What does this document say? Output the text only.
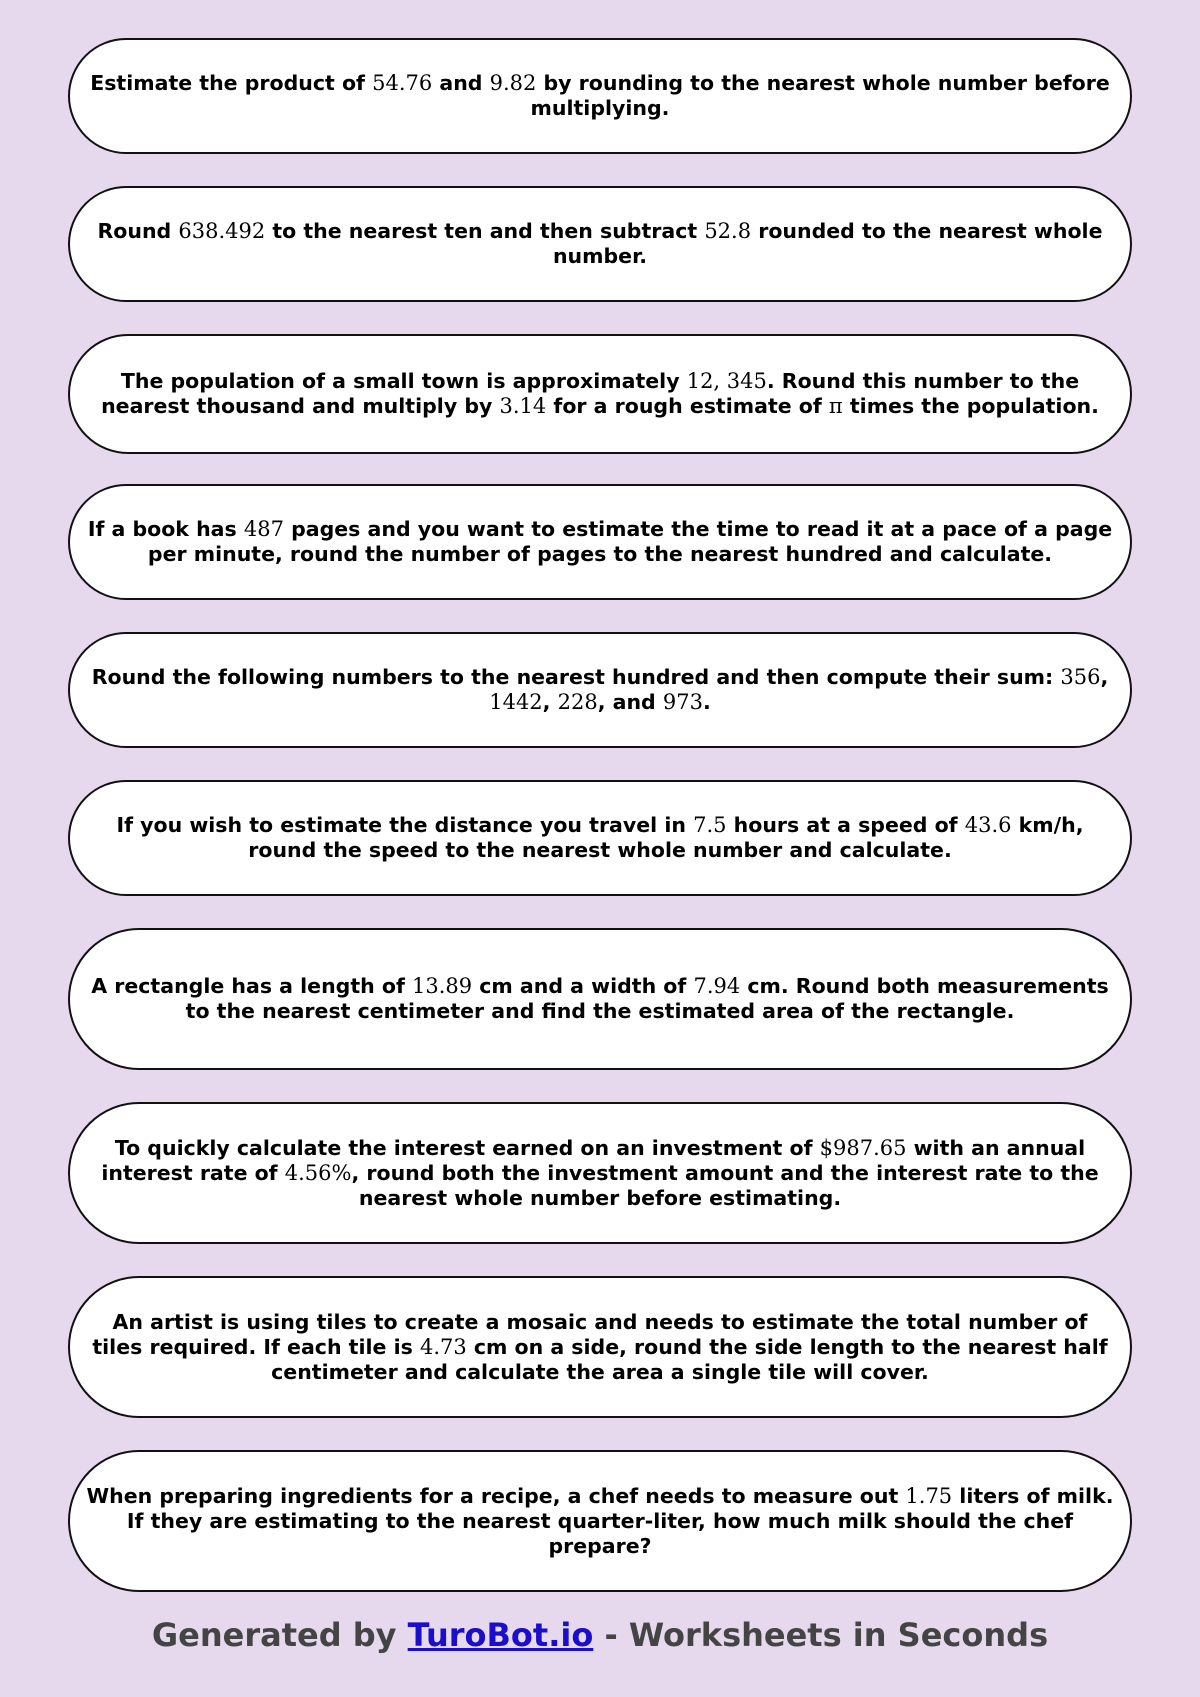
Estimate the product of 54.76 and 9.82 by rounding to the nearest whole number before multiplying.
Round 638.492 to the nearest ten and then subtract 52.8 rounded to the nearest whole number.
The population of a small town is approximately 12, 345. Round this number to the nearest thousand and multiply by 3.14 for a rough estimate of π times the population.
If a book has 487 pages and you want to estimate the time to read it at a pace of a page per minute, round the number of pages to the nearest hundred and calculate.
Round the following numbers to the nearest hundred and then compute their sum: 356, 1442, 228, and 973.
If you wish to estimate the distance you travel in 7.5 hours at a speed of 43.6 km/h, round the speed to the nearest whole number and calculate.
A rectangle has a length of 13.89 cm and a width of 7.94 cm. Round both measurements to the nearest centimeter and find the estimated area of the rectangle.
To quickly calculate the interest earned on an investment of $987.65 with an annual interest rate of 4.56%, round both the investment amount and the interest rate to the nearest whole number before estimating.
An artist is using tiles to create a mosaic and needs to estimate the total number of tiles required. If each tile is 4.73 cm on a side, round the side length to the nearest half centimeter and calculate the area a single tile will cover.
When preparing ingredients for a recipe, a chef needs to measure out 1.75 liters of milk. If they are estimating to the nearest quarter-liter, how much milk should the chef prepare?
Generated by TuroBot.io - Worksheets in Seconds
